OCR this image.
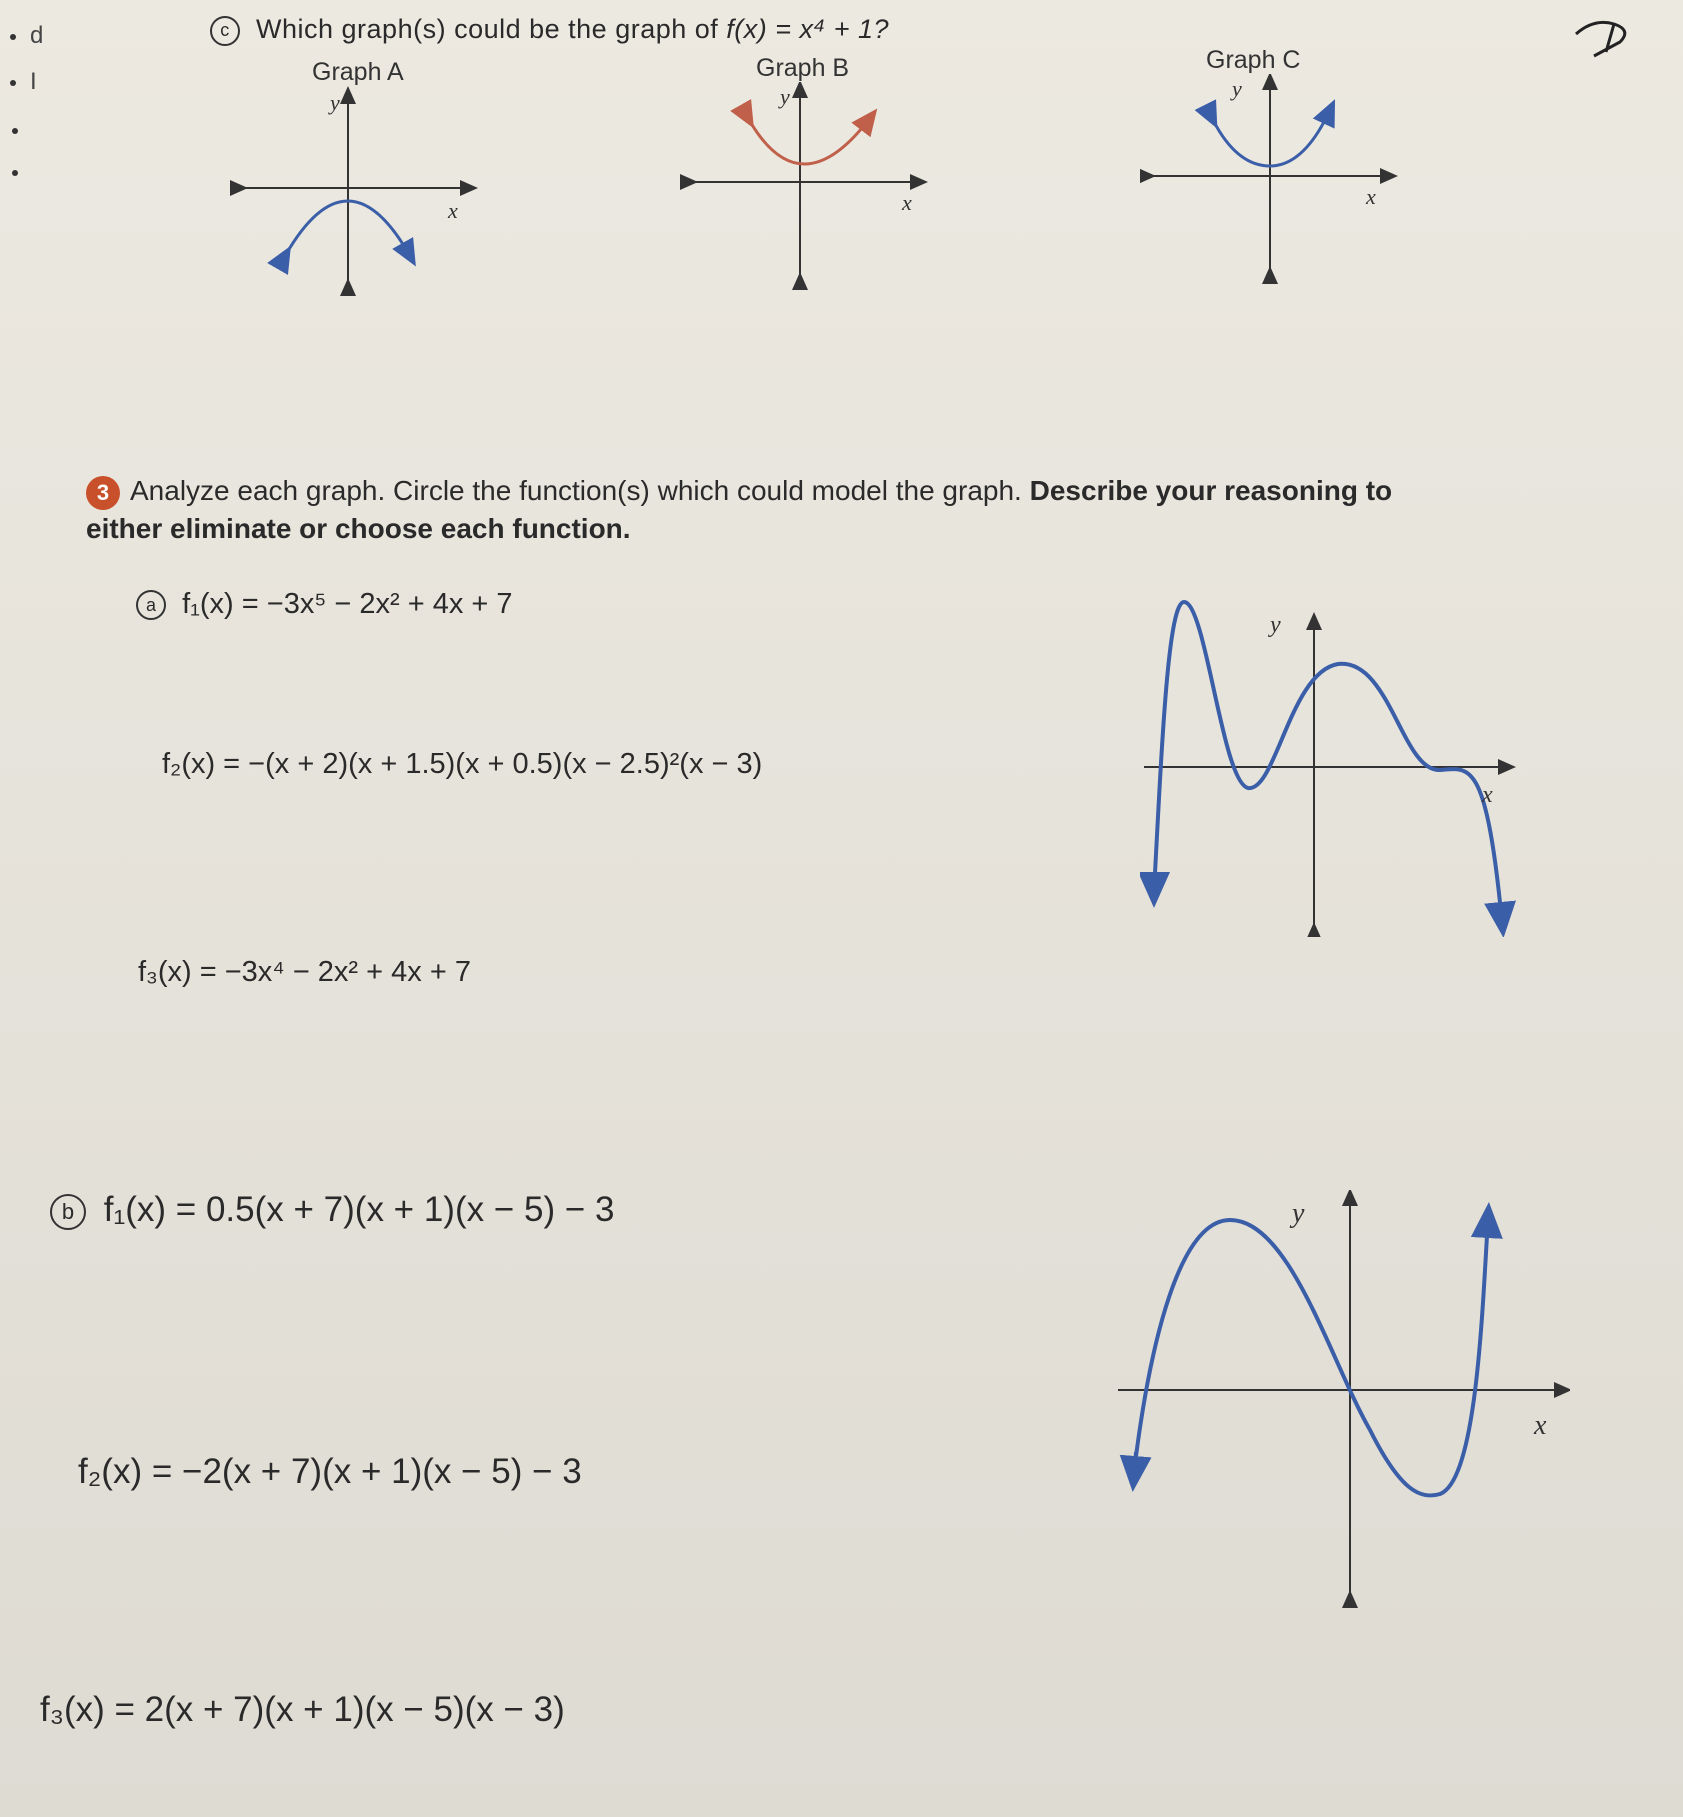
d
I
c Which graph(s) could be the graph of f(x) = x⁴ + 1?
Graph A
y
x
Graph B
y
x
Graph C
y
x
3 Analyze each graph. Circle the function(s) which could model the graph. Describe your reasoning to either eliminate or choose each function.
a f₁(x) = −3x⁵ − 2x² + 4x + 7
f₂(x) = −(x + 2)(x + 1.5)(x + 0.5)(x − 2.5)²(x − 3)
f₃(x) = −3x⁴ − 2x² + 4x + 7
y
x
b f₁(x) = 0.5(x + 7)(x + 1)(x − 5) − 3
f₂(x) = −2(x + 7)(x + 1)(x − 5) − 3
f₃(x) = 2(x + 7)(x + 1)(x − 5)(x − 3)
y
x
